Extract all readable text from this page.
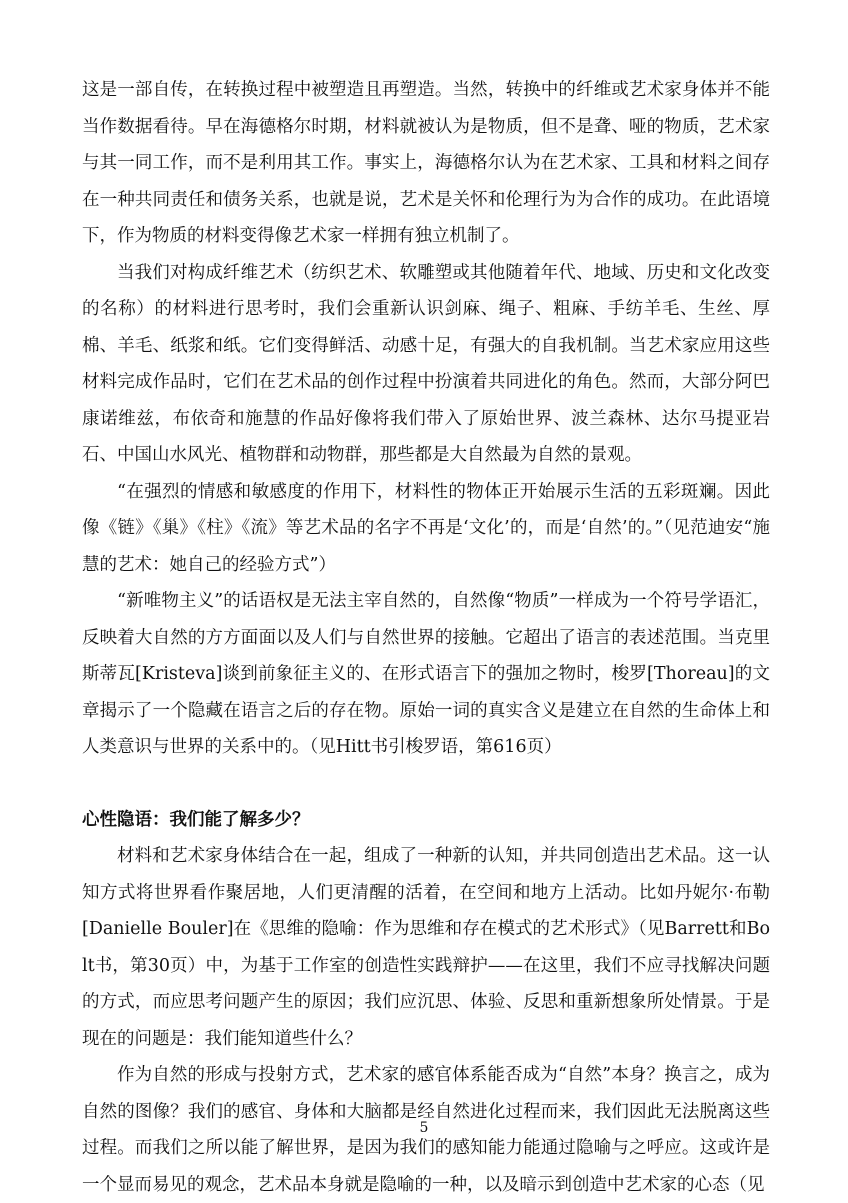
这是一部自传，在转换过程中被塑造且再塑造。当然，转换中的纤维或艺术家身体并不能当作数据看待。早在海德格尔时期，材料就被认为是物质，但不是聋、哑的物质，艺术家与其一同工作，而不是利用其工作。事实上，海德格尔认为在艺术家、工具和材料之间存在一种共同责任和债务关系，也就是说，艺术是关怀和伦理行为为合作的成功。在此语境下，作为物质的材料变得像艺术家一样拥有独立机制了。

当我们对构成纤维艺术（纺织艺术、软雕塑或其他随着年代、地域、历史和文化改变的名称）的材料进行思考时，我们会重新认识剑麻、绳子、粗麻、手纺羊毛、生丝、厚棉、羊毛、纸浆和纸。它们变得鲜活、动感十足，有强大的自我机制。当艺术家应用这些材料完成作品时，它们在艺术品的创作过程中扮演着共同进化的角色。然而，大部分阿巴康诺维兹，布依奇和施慧的作品好像将我们带入了原始世界、波兰森林、达尔马提亚岩石、中国山水风光、植物群和动物群，那些都是大自然最为自然的景观。

“在强烈的情感和敏感度的作用下，材料性的物体正开始展示生活的五彩斑斓。因此像《链》《巢》《柱》《流》等艺术品的名字不再是‘文化’的，而是‘自然’的。”（见范迪安“施慧的艺术：她自己的经验方式”）

“新唯物主义”的话语权是无法主宰自然的，自然像“物质”一样成为一个符号学语汇，反映着大自然的方方面面以及人们与自然世界的接触。它超出了语言的表述范围。当克里斯蒂瓦[Kristeva]谈到前象征主义的、在形式语言下的强加之物时，梭罗[Thoreau]的文章揭示了一个隐藏在语言之后的存在物。原始一词的真实含义是建立在自然的生命体上和人类意识与世界的关系中的。（见Hitt书引梭罗语，第616页）

心性隐语：我们能了解多少？

材料和艺术家身体结合在一起，组成了一种新的认知，并共同创造出艺术品。这一认知方式将世界看作聚居地，人们更清醒的活着，在空间和地方上活动。比如丹妮尔·布勒[Danielle Bouler]在《思维的隐喻：作为思维和存在模式的艺术形式》（见Barrett和Bolt书，第30页）中，为基于工作室的创造性实践辩护——在这里，我们不应寻找解决问题的方式，而应思考问题产生的原因；我们应沉思、体验、反思和重新想象所处情景。于是现在的问题是：我们能知道些什么？

作为自然的形成与投射方式，艺术家的感官体系能否成为“自然”本身？换言之，成为自然的图像？我们的感官、身体和大脑都是经自然进化过程而来，我们因此无法脱离这些过程。而我们之所以能了解世界，是因为我们的感知能力能通过隐喻与之呼应。这或许是一个显而易见的观念，艺术品本身就是隐喻的一种，以及暗示到创造中艺术家的心态（见

5
